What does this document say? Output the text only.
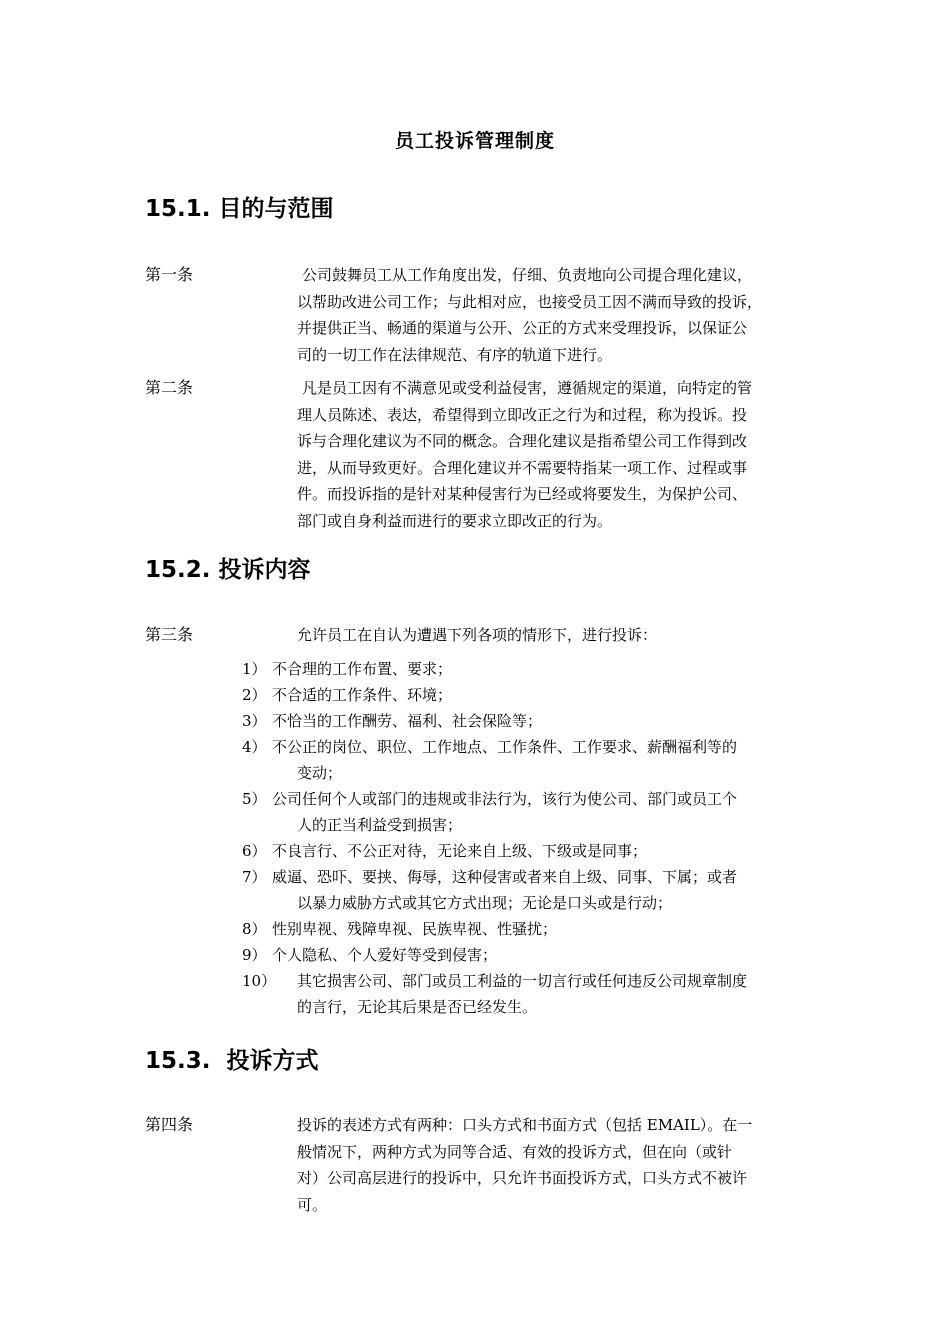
员工投诉管理制度
15.1. 目的与范围
第一条	公司鼓舞员工从工作角度出发，仔细、负责地向公司提合理化建议，
以帮助改进公司工作；与此相对应，也接受员工因不满而导致的投诉，
并提供正当、畅通的渠道与公开、公正的方式来受理投诉，以保证公
司的一切工作在法律规范、有序的轨道下进行。
第二条	凡是员工因有不满意见或受利益侵害，遵循规定的渠道，向特定的管
理人员陈述、表达，希望得到立即改正之行为和过程，称为投诉。投
诉与合理化建议为不同的概念。合理化建议是指希望公司工作得到改
进，从而导致更好。合理化建议并不需要特指某一项工作、过程或事
件。而投诉指的是针对某种侵害行为已经或将要发生，为保护公司、
部门或自身利益而进行的要求立即改正的行为。
15.2. 投诉内容
第三条	允许员工在自认为遭遇下列各项的情形下，进行投诉：
1） 不合理的工作布置、要求；
2） 不合适的工作条件、环境；
3） 不恰当的工作酬劳、福利、社会保险等；
4） 不公正的岗位、职位、工作地点、工作条件、工作要求、薪酬福利等的
变动；
5） 公司任何个人或部门的违规或非法行为，该行为使公司、部门或员工个
人的正当利益受到损害；
6） 不良言行、不公正对待，无论来自上级、下级或是同事；
7） 威逼、恐吓、要挟、侮辱，这种侵害或者来自上级、同事、下属；或者
以暴力威胁方式或其它方式出现；无论是口头或是行动；
8） 性别卑视、残障卑视、民族卑视、性骚扰；
9） 个人隐私、个人爱好等受到侵害；
10）	其它损害公司、部门或员工利益的一切言行或任何违反公司规章制度
的言行，无论其后果是否已经发生。
15.3. 投诉方式
第四条	投诉的表述方式有两种：口头方式和书面方式（包括 EMAIL）。在一
般情况下，两种方式为同等合适、有效的投诉方式，但在向（或针
对）公司高层进行的投诉中，只允许书面投诉方式，口头方式不被许
可。
